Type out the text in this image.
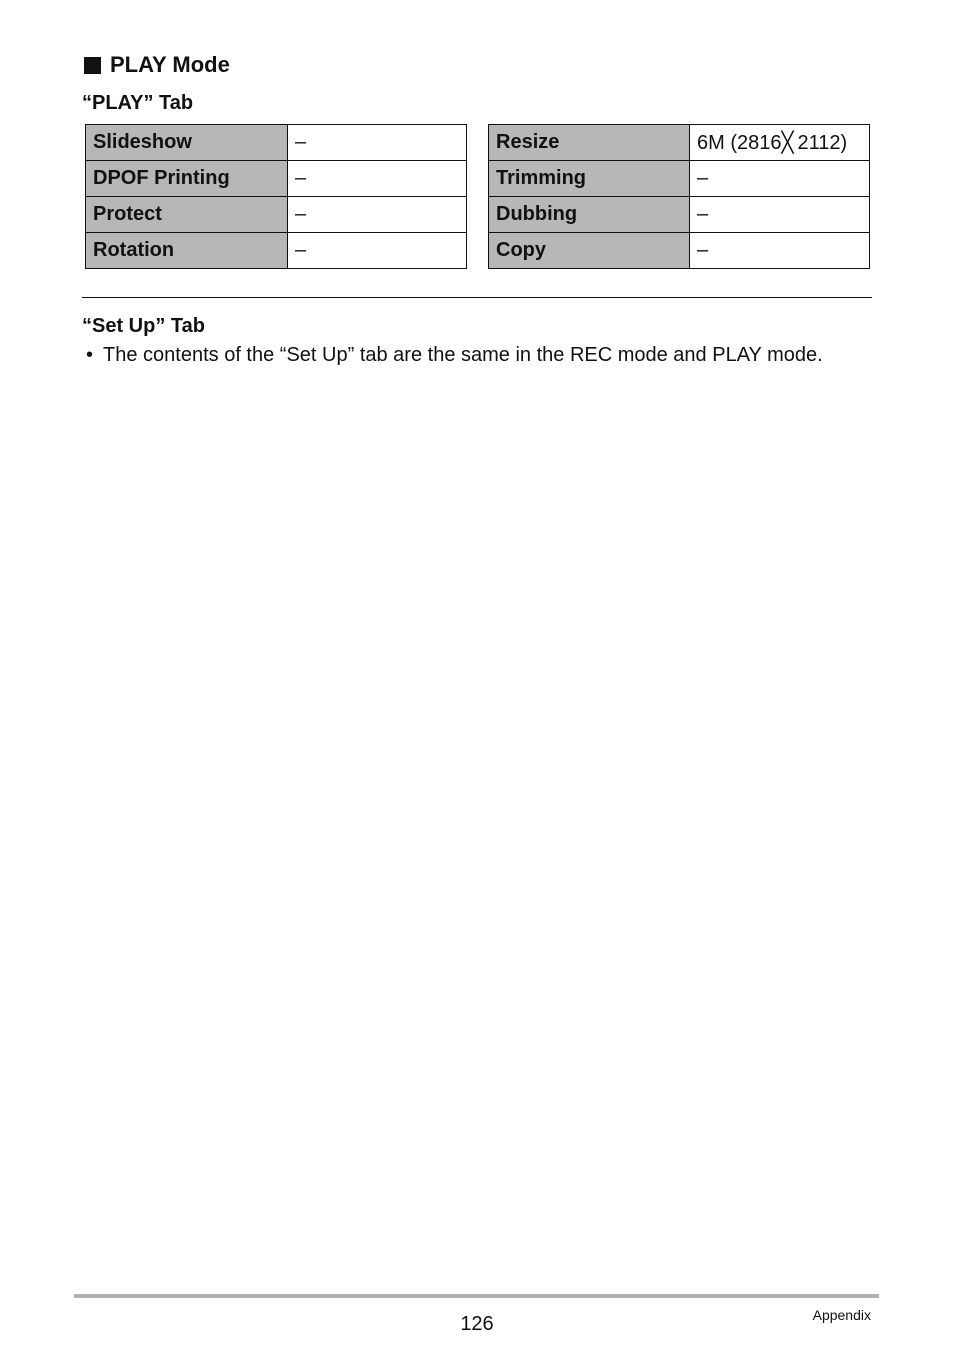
PLAY Mode
“PLAY” Tab
Slideshow	–
DPOF Printing	–
Protect	–
Rotation	–
Resize	6M (2816╳ 2112)
Trimming	–
Dubbing	–
Copy	–
“Set Up” Tab
• The contents of the “Set Up” tab are the same in the REC mode and PLAY mode.
126	Appendix
